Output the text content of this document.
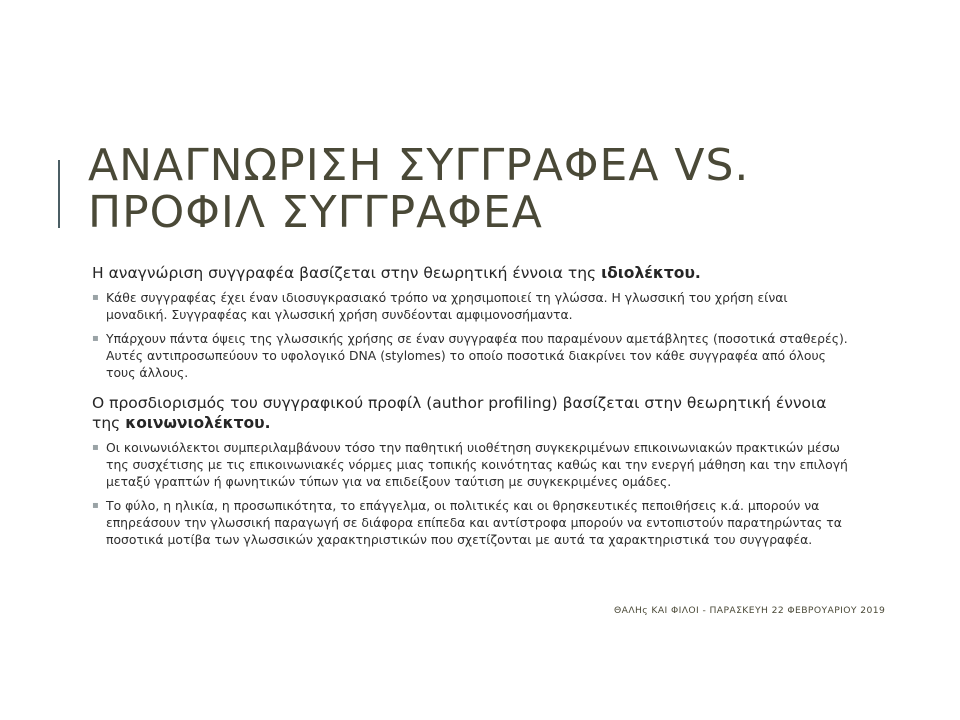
ΑΝΑΓΝΩΡΙΣΗ ΣΥΓΓΡΑΦΕΑ VS.
ΠΡΟΦΙΛ ΣΥΓΓΡΑΦΕΑ

Η αναγνώριση συγγραφέα βασίζεται στην θεωρητική έννοια της ιδιολέκτου.

▪ Κάθε συγγραφέας έχει έναν ιδιοσυγκρασιακό τρόπο να χρησιμοποιεί τη γλώσσα. Η γλωσσική του χρήση είναι μοναδική. Συγγραφέας και γλωσσική χρήση συνδέονται αμφιμονοσήμαντα.
▪ Υπάρχουν πάντα όψεις της γλωσσικής χρήσης σε έναν συγγραφέα που παραμένουν αμετάβλητες (ποσοτικά σταθερές). Αυτές αντιπροσωπεύουν το υφολογικό DNA (stylomes) το οποίο ποσοτικά διακρίνει τον κάθε συγγραφέα από όλους τους άλλους.

Ο προσδιορισμός του συγγραφικού προφίλ (author profiling) βασίζεται στην θεωρητική έννοια της κοινωνιολέκτου.

▪ Οι κοινωνιόλεκτοι συμπεριλαμβάνουν τόσο την παθητική υιοθέτηση συγκεκριμένων επικοινωνιακών πρακτικών μέσω της συσχέτισης με τις επικοινωνιακές νόρμες μιας τοπικής κοινότητας καθώς και την ενεργή μάθηση και την επιλογή μεταξύ γραπτών ή φωνητικών τύπων για να επιδείξουν ταύτιση με συγκεκριμένες ομάδες.
▪ Το φύλο, η ηλικία, η προσωπικότητα, το επάγγελμα, οι πολιτικές και οι θρησκευτικές πεποιθήσεις κ.ά. μπορούν να επηρεάσουν την γλωσσική παραγωγή σε διάφορα επίπεδα και αντίστροφα μπορούν να εντοπιστούν παρατηρώντας τα ποσοτικά μοτίβα των γλωσσικών χαρακτηριστικών που σχετίζονται με αυτά τα χαρακτηριστικά του συγγραφέα.
ΘΑΛΗς ΚΑΙ ΦΙΛΟΙ - ΠΑΡΑΣΚΕΥΗ 22 ΦΕΒΡΟΥΑΡΙΟΥ 2019
